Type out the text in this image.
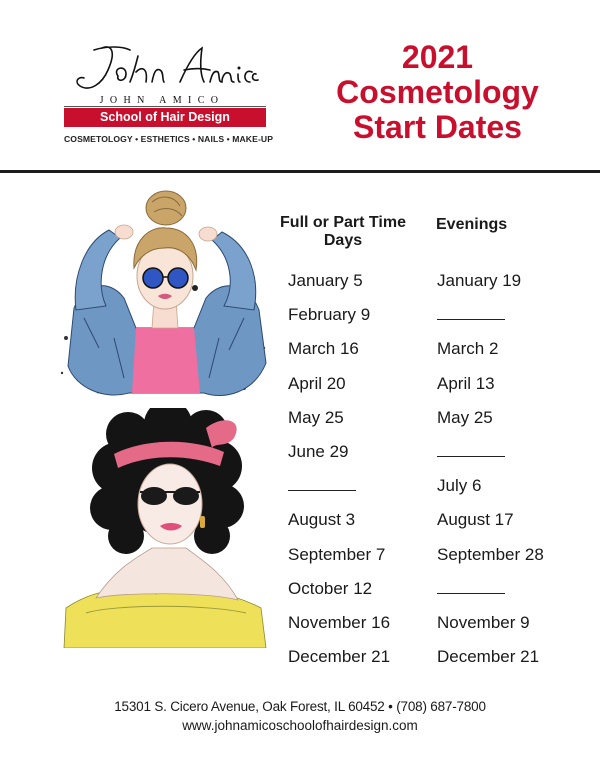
JOHN AMICO
School of Hair Design
COSMETOLOGY • ESTHETICS • NAILS • MAKE-UP
2021
Cosmetology
Start Dates
Full or Part Time
Days
Evenings
January 5
February 9
March 16
April 20
May 25
June 29
August 3
September 7
October 12
November 16
December 21
January 19
March 2
April 13
May 25
July 6
August 17
September 28
November 9
December 21
15301 S. Cicero Avenue, Oak Forest, IL 60452 • (708) 687-7800
www.johnamicoschoolofhairdesign.com
